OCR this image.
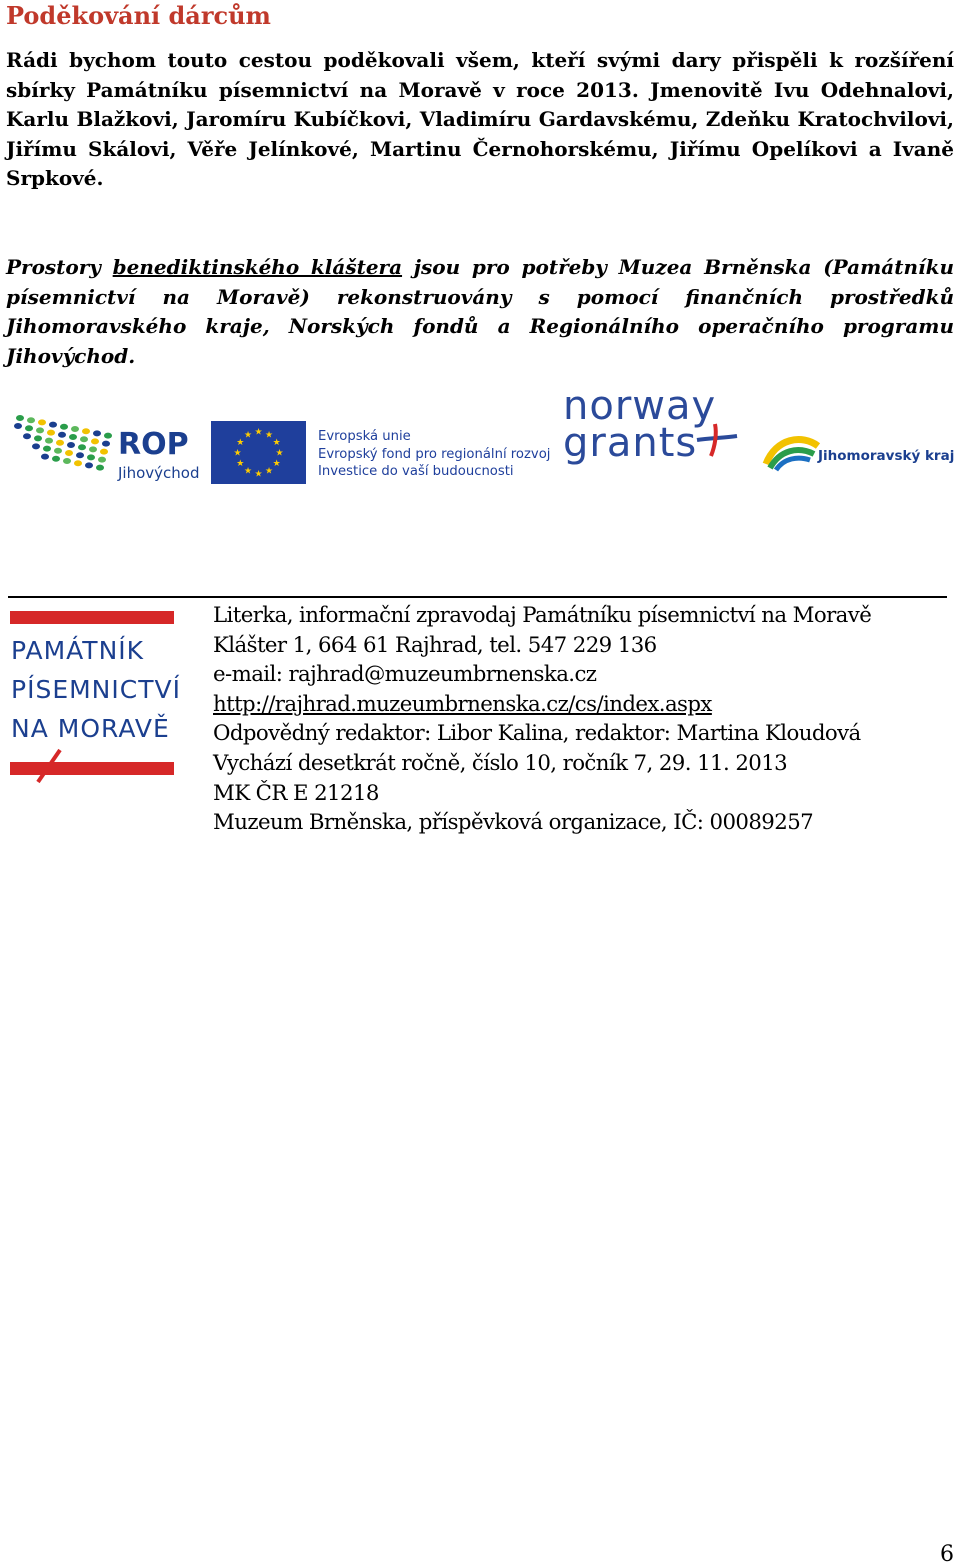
Poděkování dárcům

Rádi bychom touto cestou poděkovali všem, kteří svými dary přispěli k rozšíření sbírky Památníku písemnictví na Moravě v roce 2013. Jmenovitě Ivu Odehnalovi, Karlu Blažkovi, Jaromíru Kubíčkovi, Vladimíru Gardavskému, Zdeňku Kratochvilovi, Jiřímu Skálovi, Věře Jelínkové, Martinu Černohorskému, Jiřímu Opelíkovi a Ivaně Srpkové.

Prostory benediktinského kláštera jsou pro potřeby Muzea Brněnska (Památníku písemnictví na Moravě) rekonstruovány s pomocí finančních prostředků Jihomoravského kraje, Norských fondů a Regionálního operačního programu Jihovýchod.

ROP
Jihovýchod
★ ★
★
★
★
★
★
★
★
★
★
★	Evropská unie
Evropský fond pro regionální rozvoj
Investice do vaší budoucnosti
norway
grants	Jihomoravský kraj
PAMÁTNÍK
PÍSEMNICTVÍ
NA MORAVĚ
Literka, informační zpravodaj Památníku písemnictví na Moravě
Klášter 1, 664 61 Rajhrad, tel. 547 229 136
e-mail: rajhrad@muzeumbrnenska.cz
http://rajhrad.muzeumbrnenska.cz/cs/index.aspx
Odpovědný redaktor: Libor Kalina, redaktor: Martina Kloudová
Vychází desetkrát ročně, číslo 10, ročník 7, 29. 11. 2013
MK ČR E 21218
Muzeum Brněnska, příspěvková organizace, IČ: 00089257
6
